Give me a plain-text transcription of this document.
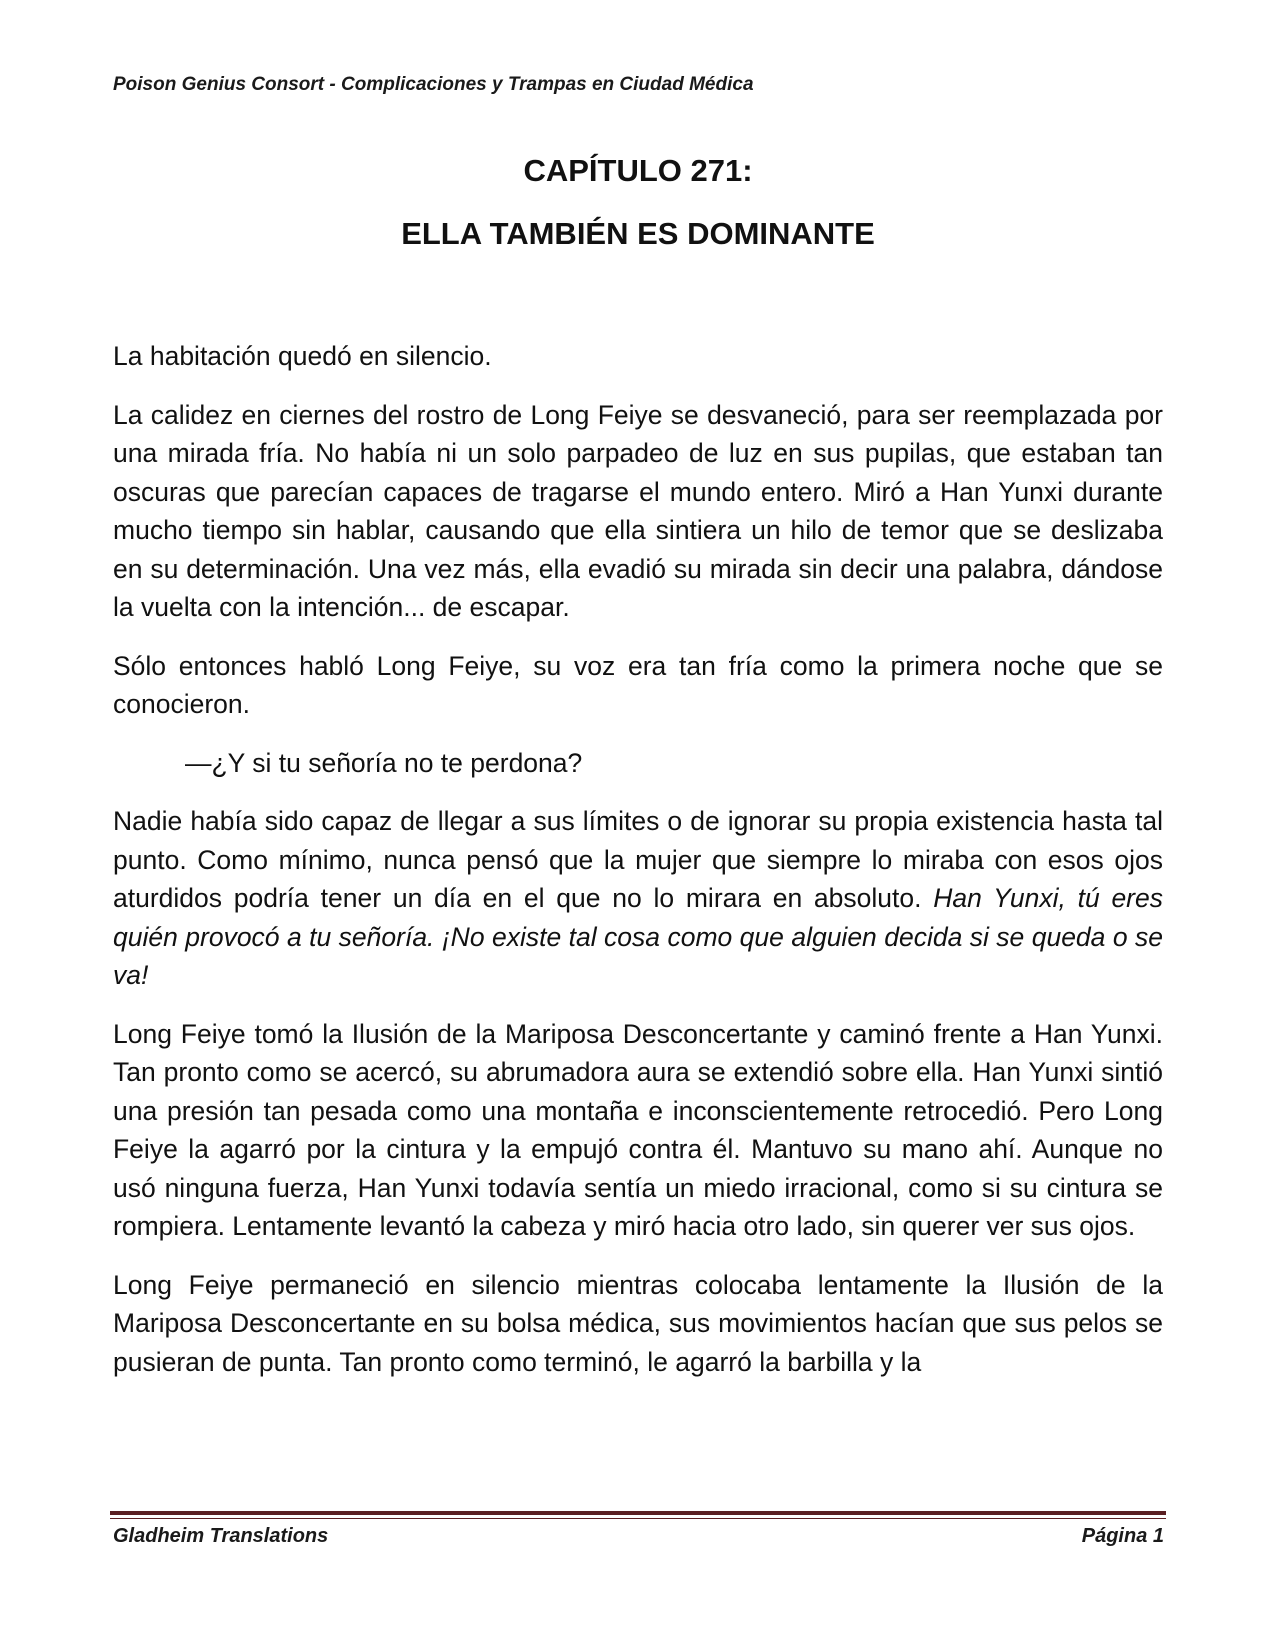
Poison Genius Consort - Complicaciones y Trampas en Ciudad Médica
CAPÍTULO 271:
ELLA TAMBIÉN ES DOMINANTE

La habitación quedó en silencio.

La calidez en ciernes del rostro de Long Feiye se desvaneció, para ser reemplazada por una mirada fría. No había ni un solo parpadeo de luz en sus pupilas, que estaban tan oscuras que parecían capaces de tragarse el mundo entero. Miró a Han Yunxi durante mucho tiempo sin hablar, causando que ella sintiera un hilo de temor que se deslizaba en su determinación. Una vez más, ella evadió su mirada sin decir una palabra, dándose la vuelta con la intención... de escapar.

Sólo entonces habló Long Feiye, su voz era tan fría como la primera noche que se conocieron.

—¿Y si tu señoría no te perdona?

Nadie había sido capaz de llegar a sus límites o de ignorar su propia existencia hasta tal punto. Como mínimo, nunca pensó que la mujer que siempre lo miraba con esos ojos aturdidos podría tener un día en el que no lo mirara en absoluto. Han Yunxi, tú eres quién provocó a tu señoría. ¡No existe tal cosa como que alguien decida si se queda o se va!

Long Feiye tomó la Ilusión de la Mariposa Desconcertante y caminó frente a Han Yunxi. Tan pronto como se acercó, su abrumadora aura se extendió sobre ella. Han Yunxi sintió una presión tan pesada como una montaña e inconscientemente retrocedió. Pero Long Feiye la agarró por la cintura y la empujó contra él. Mantuvo su mano ahí. Aunque no usó ninguna fuerza, Han Yunxi todavía sentía un miedo irracional, como si su cintura se rompiera. Lentamente levantó la cabeza y miró hacia otro lado, sin querer ver sus ojos.

Long Feiye permaneció en silencio mientras colocaba lentamente la Ilusión de la Mariposa Desconcertante en su bolsa médica, sus movimientos hacían que sus pelos se pusieran de punta. Tan pronto como terminó, le agarró la barbilla y la

Gladheim Translations	Página 1
